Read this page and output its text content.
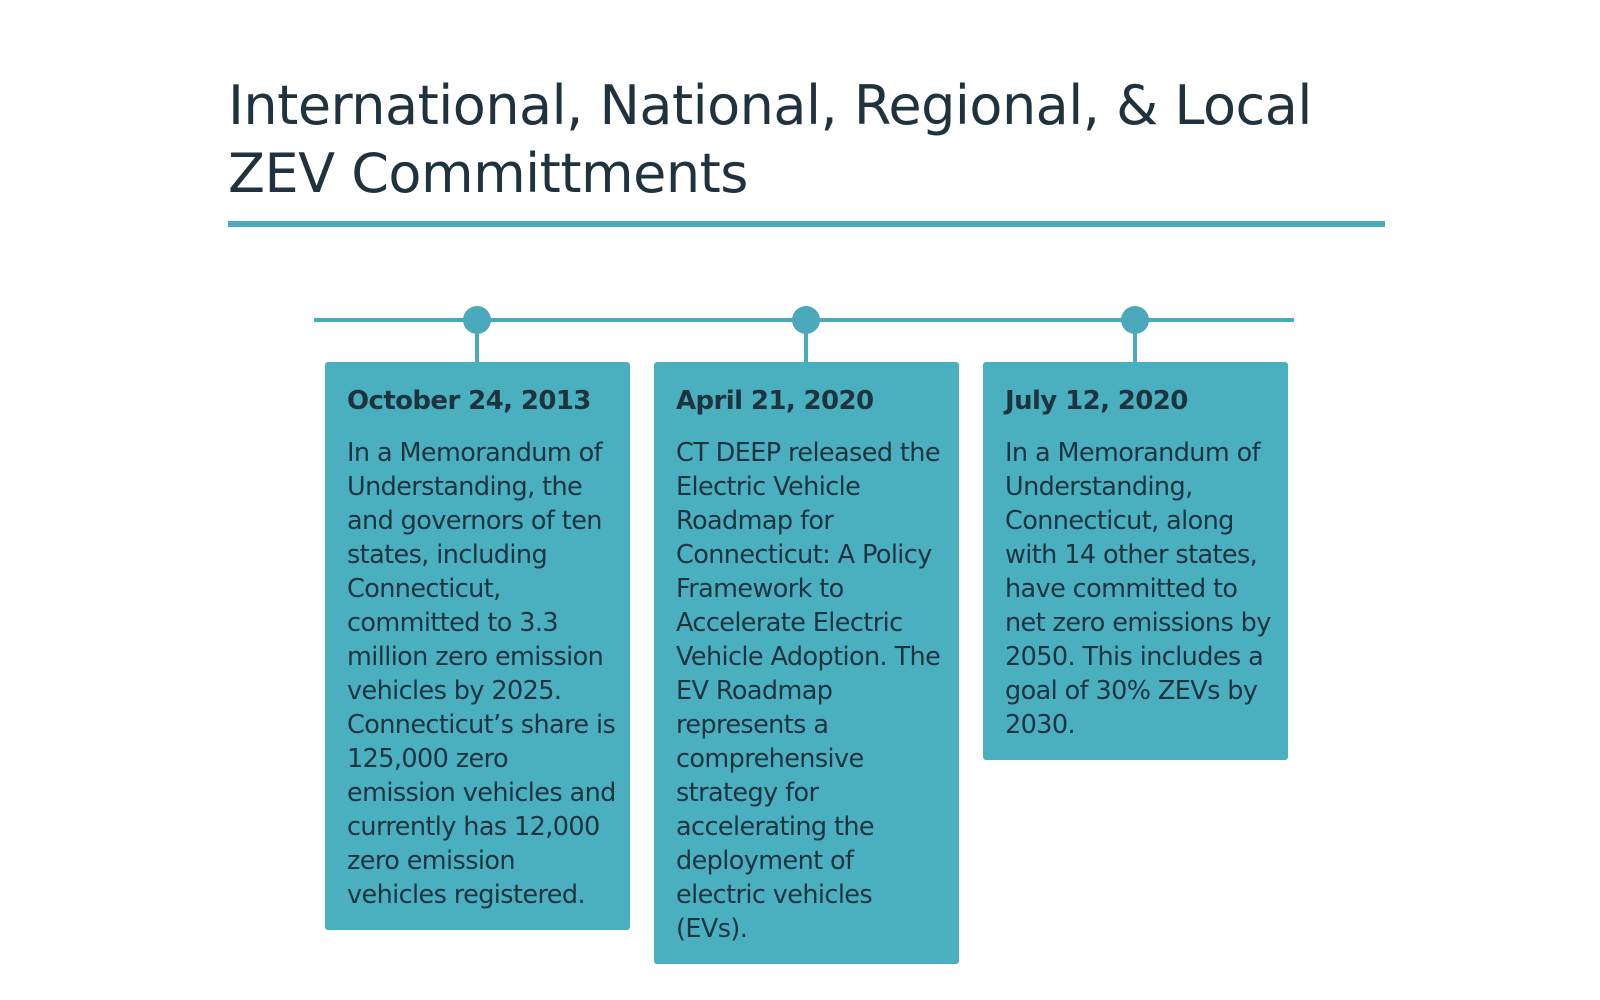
International, National, Regional, & Local
ZEV Committments
October 24, 2013

In a Memorandum of Understanding, the and governors of ten states, including Connecticut, committed to 3.3 million zero emission vehicles by 2025. Connecticut’s share is 125,000 zero emission vehicles and currently has 12,000 zero emission vehicles registered.

April 21, 2020

CT DEEP released the Electric Vehicle Roadmap for Connecticut: A Policy Framework to Accelerate Electric Vehicle Adoption. The EV Roadmap represents a comprehensive strategy for accelerating the deployment of electric vehicles (EVs).

July 12, 2020

In a Memorandum of Understanding, Connecticut, along with 14 other states, have committed to net zero emissions by 2050. This includes a goal of 30% ZEVs by 2030.
